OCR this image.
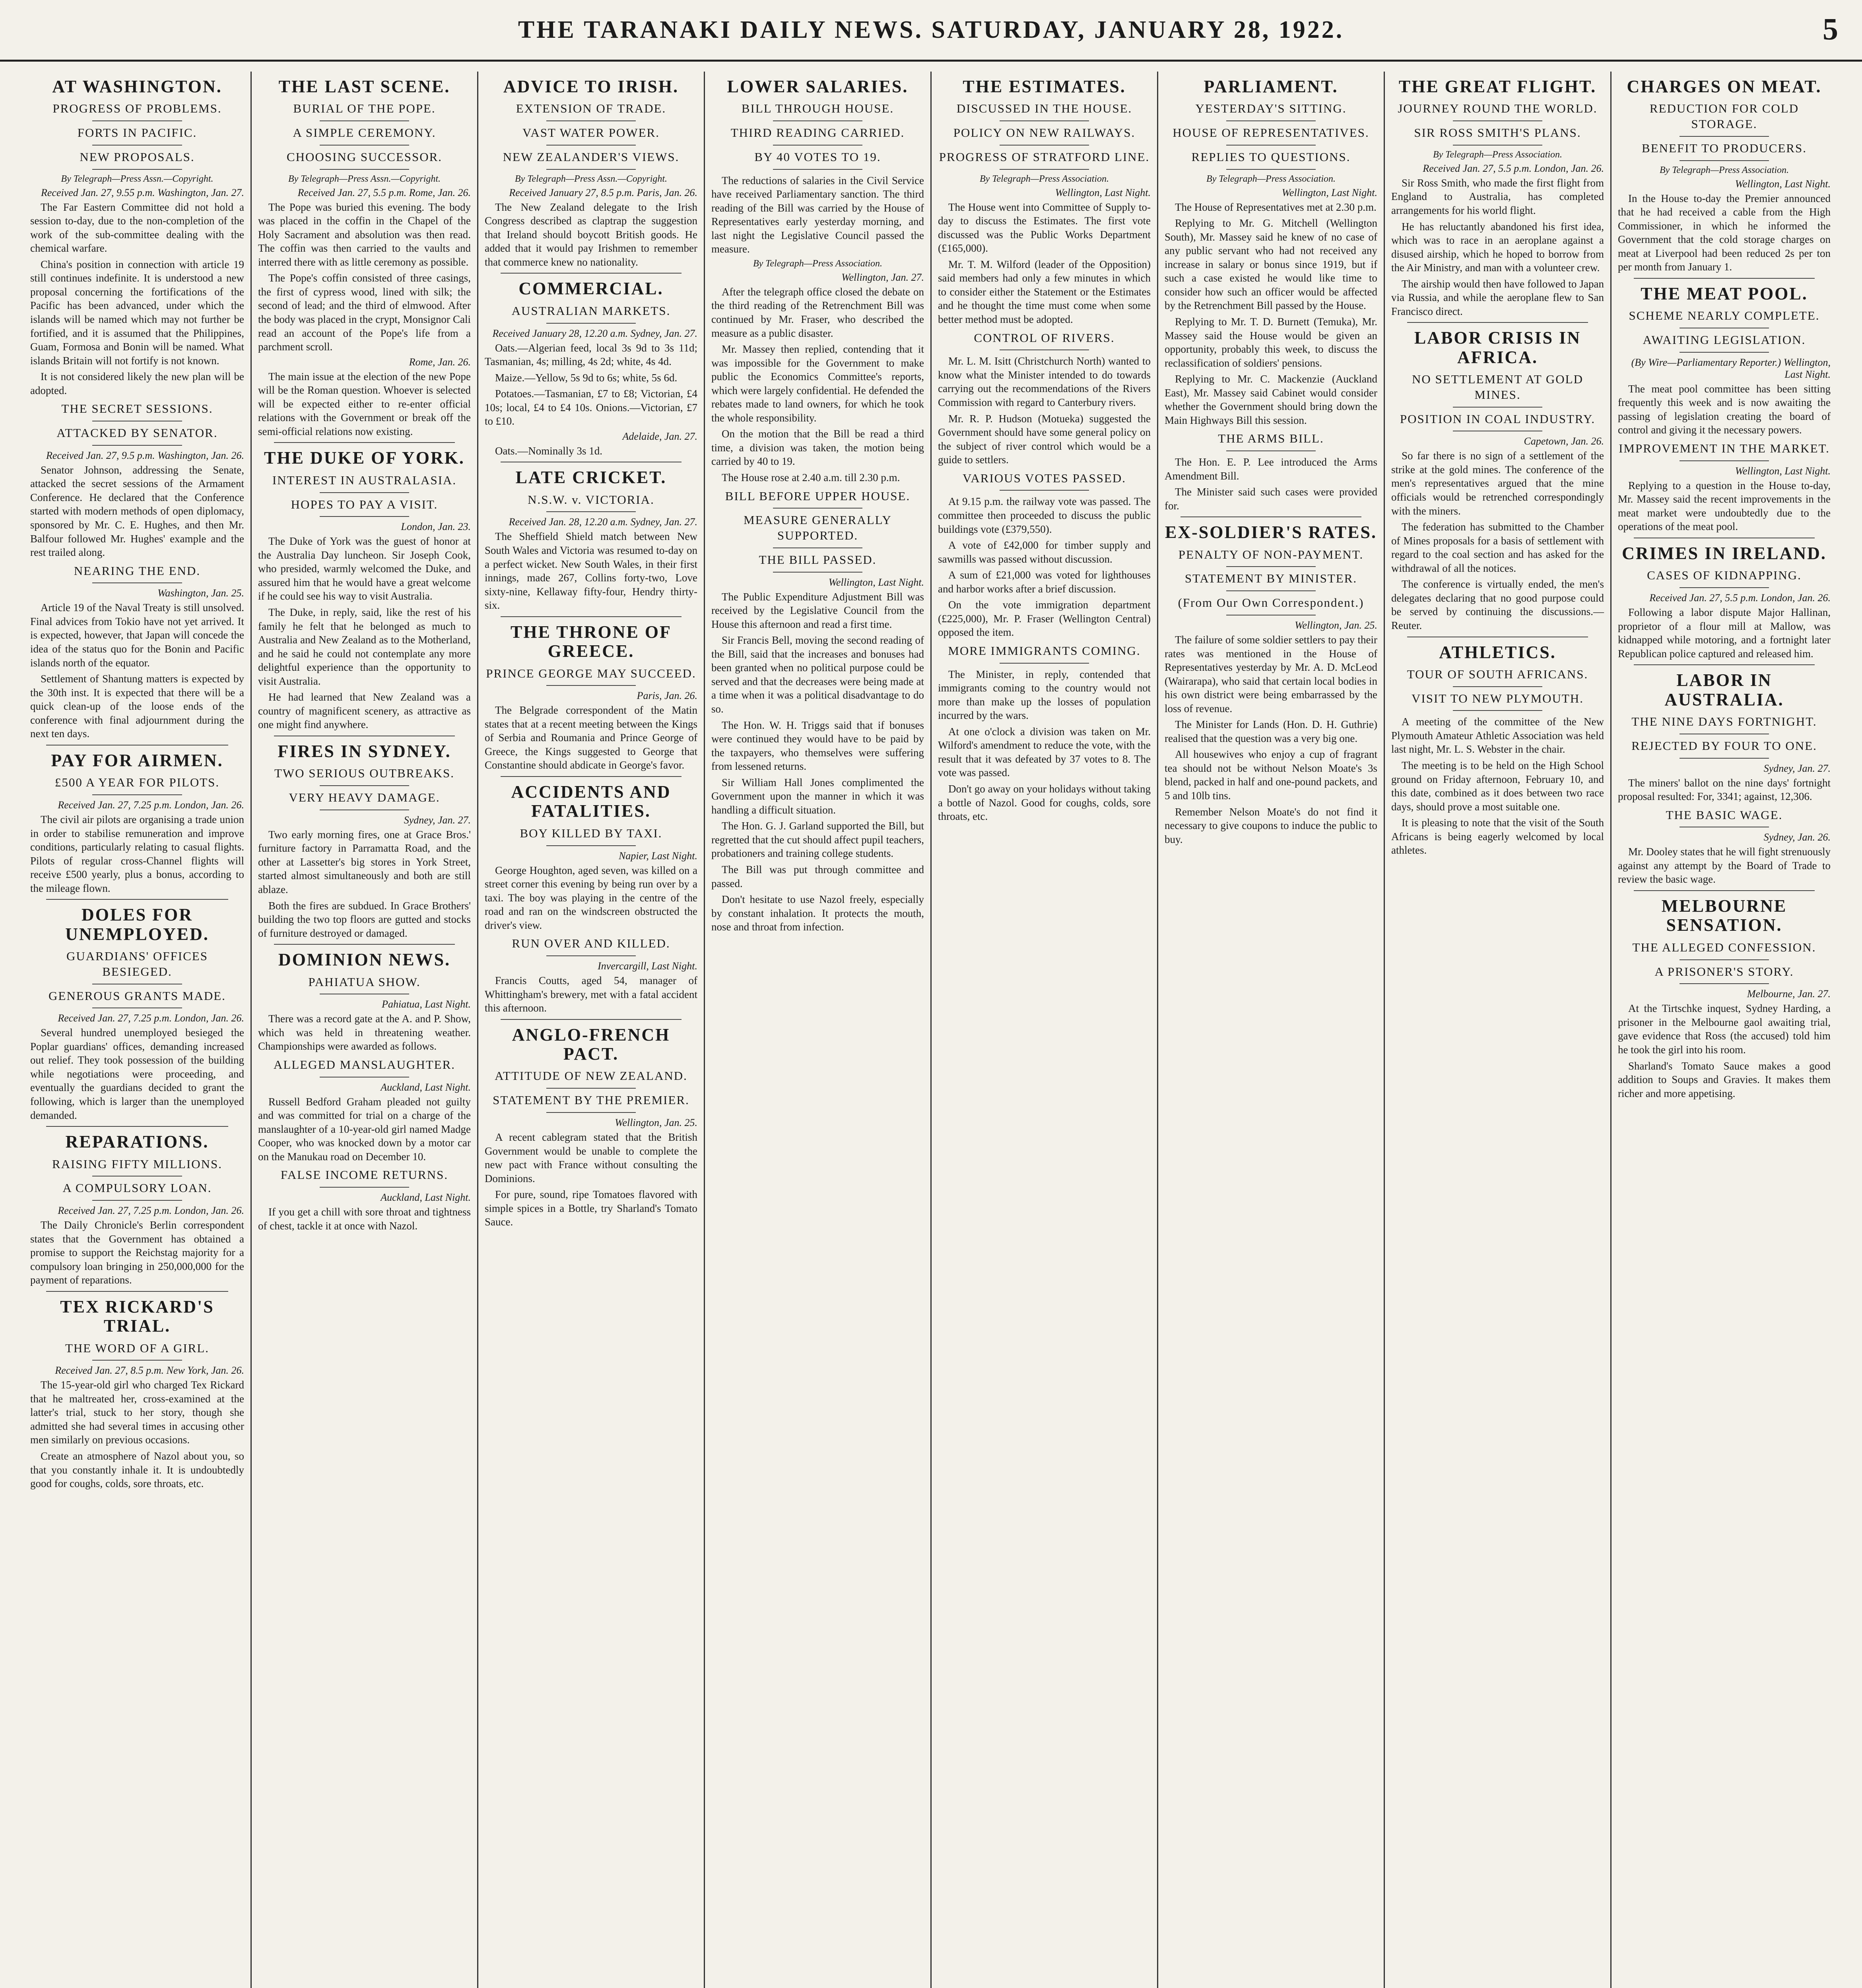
THE TARANAKI DAILY NEWS. SATURDAY, JANUARY 28, 1922.	5
AT WASHINGTON.
PROGRESS OF PROBLEMS.
FORTS IN PACIFIC.
NEW PROPOSALS.
By Telegraph—Press Assn.—Copyright.
Received Jan. 27, 9.55 p.m. Washington, Jan. 27.
The Far Eastern Committee did not hold a session to-day, due to the non-completion of the work of the sub-committee dealing with the chemical warfare.
China's position in connection with article 19 still continues indefinite. It is understood a new proposal concerning the fortifications of the Pacific has been advanced, under which the islands will be named which may not further be fortified, and it is assumed that the Philippines, Guam, Formosa and Bonin will be named. What islands Britain will not fortify is not known.
It is not considered likely the new plan will be adopted.
THE SECRET SESSIONS.
ATTACKED BY SENATOR.
Received Jan. 27, 9.5 p.m. Washington, Jan. 26.
Senator Johnson, addressing the Senate, attacked the secret sessions of the Armament Conference. He declared that the Conference started with modern methods of open diplomacy, sponsored by Mr. C. E. Hughes, and then Mr. Balfour followed Mr. Hughes' example and the rest trailed along.
NEARING THE END.
Washington, Jan. 25.
Article 19 of the Naval Treaty is still unsolved. Final advices from Tokio have not yet arrived. It is expected, however, that Japan will concede the idea of the status quo for the Bonin and Pacific islands north of the equator.
Settlement of Shantung matters is expected by the 30th inst. It is expected that there will be a quick clean-up of the loose ends of the conference with final adjournment during the next ten days.
PAY FOR AIRMEN.
£500 A YEAR FOR PILOTS.
Received Jan. 27, 7.25 p.m. London, Jan. 26.
The civil air pilots are organising a trade union in order to stabilise remuneration and improve conditions, particularly relating to casual flights. Pilots of regular cross-Channel flights will receive £500 yearly, plus a bonus, according to the mileage flown.
DOLES FOR UNEMPLOYED.
GUARDIANS' OFFICES BESIEGED.
GENEROUS GRANTS MADE.
Received Jan. 27, 7.25 p.m. London, Jan. 26.
Several hundred unemployed besieged the Poplar guardians' offices, demanding increased out relief. They took possession of the building while negotiations were proceeding, and eventually the guardians decided to grant the following, which is larger than the unemployed demanded.
REPARATIONS.
RAISING FIFTY MILLIONS.
A COMPULSORY LOAN.
Received Jan. 27, 7.25 p.m. London, Jan. 26.
The Daily Chronicle's Berlin correspondent states that the Government has obtained a promise to support the Reichstag majority for a compulsory loan bringing in 250,000,000 for the payment of reparations.
TEX RICKARD'S TRIAL.
THE WORD OF A GIRL.
Received Jan. 27, 8.5 p.m. New York, Jan. 26.
The 15-year-old girl who charged Tex Rickard that he maltreated her, cross-examined at the latter's trial, stuck to her story, though she admitted she had several times in accusing other men similarly on previous occasions.
Create an atmosphere of Nazol about you, so that you constantly inhale it. It is undoubtedly good for coughs, colds, sore throats, etc.
THE LAST SCENE.
BURIAL OF THE POPE.
A SIMPLE CEREMONY.
CHOOSING SUCCESSOR.
By Telegraph—Press Assn.—Copyright.
Received Jan. 27, 5.5 p.m. Rome, Jan. 26.
The Pope was buried this evening. The body was placed in the coffin in the Chapel of the Holy Sacrament and absolution was then read. The coffin was then carried to the vaults and interred there with as little ceremony as possible.
The Pope's coffin consisted of three casings, the first of cypress wood, lined with silk; the second of lead; and the third of elmwood. After the body was placed in the crypt, Monsignor Cali read an account of the Pope's life from a parchment scroll.
Rome, Jan. 26.
The main issue at the election of the new Pope will be the Roman question. Whoever is selected will be expected either to re-enter official relations with the Government or break off the semi-official relations now existing.
THE DUKE OF YORK.
INTEREST IN AUSTRALASIA.
HOPES TO PAY A VISIT.
London, Jan. 23.
The Duke of York was the guest of honor at the Australia Day luncheon. Sir Joseph Cook, who presided, warmly welcomed the Duke, and assured him that he would have a great welcome if he could see his way to visit Australia.
The Duke, in reply, said, like the rest of his family he felt that he belonged as much to Australia and New Zealand as to the Motherland, and he said he could not contemplate any more delightful experience than the opportunity to visit Australia.
He had learned that New Zealand was a country of magnificent scenery, as attractive as one might find anywhere.
FIRES IN SYDNEY.
TWO SERIOUS OUTBREAKS.
VERY HEAVY DAMAGE.
Sydney, Jan. 27.
Two early morning fires, one at Grace Bros.' furniture factory in Parramatta Road, and the other at Lassetter's big stores in York Street, started almost simultaneously and both are still ablaze.
Both the fires are subdued. In Grace Brothers' building the two top floors are gutted and stocks of furniture destroyed or damaged.
DOMINION NEWS.
PAHIATUA SHOW.
Pahiatua, Last Night.
There was a record gate at the A. and P. Show, which was held in threatening weather. Championships were awarded as follows.
ALLEGED MANSLAUGHTER.
Auckland, Last Night.
Russell Bedford Graham pleaded not guilty and was committed for trial on a charge of the manslaughter of a 10-year-old girl named Madge Cooper, who was knocked down by a motor car on the Manukau road on December 10.
FALSE INCOME RETURNS.
Auckland, Last Night.
If you get a chill with sore throat and tightness of chest, tackle it at once with Nazol.
ADVICE TO IRISH.
EXTENSION OF TRADE.
VAST WATER POWER.
NEW ZEALANDER'S VIEWS.
By Telegraph—Press Assn.—Copyright.
Received January 27, 8.5 p.m. Paris, Jan. 26.
The New Zealand delegate to the Irish Congress described as claptrap the suggestion that Ireland should boycott British goods. He added that it would pay Irishmen to remember that commerce knew no nationality.
COMMERCIAL.
AUSTRALIAN MARKETS.
Received January 28, 12.20 a.m. Sydney, Jan. 27.
Oats.—Algerian feed, local 3s 9d to 3s 11d; Tasmanian, 4s; milling, 4s 2d; white, 4s 4d.
Maize.—Yellow, 5s 9d to 6s; white, 5s 6d.
Potatoes.—Tasmanian, £7 to £8; Victorian, £4 10s; local, £4 to £4 10s. Onions.—Victorian, £7 to £10.
Adelaide, Jan. 27.
Oats.—Nominally 3s 1d.
LATE CRICKET.
N.S.W. v. VICTORIA.
Received Jan. 28, 12.20 a.m. Sydney, Jan. 27.
The Sheffield Shield match between New South Wales and Victoria was resumed to-day on a perfect wicket. New South Wales, in their first innings, made 267, Collins forty-two, Love sixty-nine, Kellaway fifty-four, Hendry thirty-six.
THE THRONE OF GREECE.
PRINCE GEORGE MAY SUCCEED.
Paris, Jan. 26.
The Belgrade correspondent of the Matin states that at a recent meeting between the Kings of Serbia and Roumania and Prince George of Greece, the Kings suggested to George that Constantine should abdicate in George's favor.
ACCIDENTS AND FATALITIES.
BOY KILLED BY TAXI.
Napier, Last Night.
George Houghton, aged seven, was killed on a street corner this evening by being run over by a taxi. The boy was playing in the centre of the road and ran on the windscreen obstructed the driver's view.
RUN OVER AND KILLED.
Invercargill, Last Night.
Francis Coutts, aged 54, manager of Whittingham's brewery, met with a fatal accident this afternoon.
ANGLO-FRENCH PACT.
ATTITUDE OF NEW ZEALAND.
STATEMENT BY THE PREMIER.
Wellington, Jan. 25.
A recent cablegram stated that the British Government would be unable to complete the new pact with France without consulting the Dominions.
For pure, sound, ripe Tomatoes flavored with simple spices in a Bottle, try Sharland's Tomato Sauce.
LOWER SALARIES.
BILL THROUGH HOUSE.
THIRD READING CARRIED.
BY 40 VOTES TO 19.
The reductions of salaries in the Civil Service have received Parliamentary sanction. The third reading of the Bill was carried by the House of Representatives early yesterday morning, and last night the Legislative Council passed the measure.
By Telegraph—Press Association.
Wellington, Jan. 27.
After the telegraph office closed the debate on the third reading of the Retrenchment Bill was continued by Mr. Fraser, who described the measure as a public disaster.
Mr. Massey then replied, contending that it was impossible for the Government to make public the Economics Committee's reports, which were largely confidential. He defended the rebates made to land owners, for which he took the whole responsibility.
On the motion that the Bill be read a third time, a division was taken, the motion being carried by 40 to 19.
The House rose at 2.40 a.m. till 2.30 p.m.
BILL BEFORE UPPER HOUSE.
MEASURE GENERALLY SUPPORTED.
THE BILL PASSED.
Wellington, Last Night.
The Public Expenditure Adjustment Bill was received by the Legislative Council from the House this afternoon and read a first time.
Sir Francis Bell, moving the second reading of the Bill, said that the increases and bonuses had been granted when no political purpose could be served and that the decreases were being made at a time when it was a political disadvantage to do so.
The Hon. W. H. Triggs said that if bonuses were continued they would have to be paid by the taxpayers, who themselves were suffering from lessened returns.
Sir William Hall Jones complimented the Government upon the manner in which it was handling a difficult situation.
The Hon. G. J. Garland supported the Bill, but regretted that the cut should affect pupil teachers, probationers and training college students.
The Bill was put through committee and passed.
Don't hesitate to use Nazol freely, especially by constant inhalation. It protects the mouth, nose and throat from infection.
THE ESTIMATES.
DISCUSSED IN THE HOUSE.
POLICY ON NEW RAILWAYS.
PROGRESS OF STRATFORD LINE.
By Telegraph—Press Association.
Wellington, Last Night.
The House went into Committee of Supply to-day to discuss the Estimates. The first vote discussed was the Public Works Department (£165,000).
Mr. T. M. Wilford (leader of the Opposition) said members had only a few minutes in which to consider either the Statement or the Estimates and he thought the time must come when some better method must be adopted.
CONTROL OF RIVERS.
Mr. L. M. Isitt (Christchurch North) wanted to know what the Minister intended to do towards carrying out the recommendations of the Rivers Commission with regard to Canterbury rivers.
Mr. R. P. Hudson (Motueka) suggested the Government should have some general policy on the subject of river control which would be a guide to settlers.
VARIOUS VOTES PASSED.
At 9.15 p.m. the railway vote was passed. The committee then proceeded to discuss the public buildings vote (£379,550).
A vote of £42,000 for timber supply and sawmills was passed without discussion.
A sum of £21,000 was voted for lighthouses and harbor works after a brief discussion.
On the vote immigration department (£225,000), Mr. P. Fraser (Wellington Central) opposed the item.
MORE IMMIGRANTS COMING.
The Minister, in reply, contended that immigrants coming to the country would not more than make up the losses of population incurred by the wars.
At one o'clock a division was taken on Mr. Wilford's amendment to reduce the vote, with the result that it was defeated by 37 votes to 8. The vote was passed.
Don't go away on your holidays without taking a bottle of Nazol. Good for coughs, colds, sore throats, etc.
PARLIAMENT.
YESTERDAY'S SITTING.
HOUSE OF REPRESENTATIVES.
REPLIES TO QUESTIONS.
By Telegraph—Press Association.
Wellington, Last Night.
The House of Representatives met at 2.30 p.m.
Replying to Mr. G. Mitchell (Wellington South), Mr. Massey said he knew of no case of any public servant who had not received any increase in salary or bonus since 1919, but if such a case existed he would like time to consider how such an officer would be affected by the Retrenchment Bill passed by the House.
Replying to Mr. T. D. Burnett (Temuka), Mr. Massey said the House would be given an opportunity, probably this week, to discuss the reclassification of soldiers' pensions.
Replying to Mr. C. Mackenzie (Auckland East), Mr. Massey said Cabinet would consider whether the Government should bring down the Main Highways Bill this session.
THE ARMS BILL.
The Hon. E. P. Lee introduced the Arms Amendment Bill.
The Minister said such cases were provided for.
EX-SOLDIER'S RATES.
PENALTY OF NON-PAYMENT.
STATEMENT BY MINISTER.
(From Our Own Correspondent.)
Wellington, Jan. 25.
The failure of some soldier settlers to pay their rates was mentioned in the House of Representatives yesterday by Mr. A. D. McLeod (Wairarapa), who said that certain local bodies in his own district were being embarrassed by the loss of revenue.
The Minister for Lands (Hon. D. H. Guthrie) realised that the question was a very big one.
All housewives who enjoy a cup of fragrant tea should not be without Nelson Moate's 3s blend, packed in half and one-pound packets, and 5 and 10lb tins.
Remember Nelson Moate's do not find it necessary to give coupons to induce the public to buy.
THE GREAT FLIGHT.
JOURNEY ROUND THE WORLD.
SIR ROSS SMITH'S PLANS.
By Telegraph—Press Association.
Received Jan. 27, 5.5 p.m. London, Jan. 26.
Sir Ross Smith, who made the first flight from England to Australia, has completed arrangements for his world flight.
He has reluctantly abandoned his first idea, which was to race in an aeroplane against a disused airship, which he hoped to borrow from the Air Ministry, and man with a volunteer crew.
The airship would then have followed to Japan via Russia, and while the aeroplane flew to San Francisco direct.
LABOR CRISIS IN AFRICA.
NO SETTLEMENT AT GOLD MINES.
POSITION IN COAL INDUSTRY.
Capetown, Jan. 26.
So far there is no sign of a settlement of the strike at the gold mines. The conference of the men's representatives argued that the mine officials would be retrenched correspondingly with the miners.
The federation has submitted to the Chamber of Mines proposals for a basis of settlement with regard to the coal section and has asked for the withdrawal of all the notices.
The conference is virtually ended, the men's delegates declaring that no good purpose could be served by continuing the discussions.—Reuter.
ATHLETICS.
TOUR OF SOUTH AFRICANS.
VISIT TO NEW PLYMOUTH.
A meeting of the committee of the New Plymouth Amateur Athletic Association was held last night, Mr. L. S. Webster in the chair.
The meeting is to be held on the High School ground on Friday afternoon, February 10, and this date, combined as it does between two race days, should prove a most suitable one.
It is pleasing to note that the visit of the South Africans is being eagerly welcomed by local athletes.
CHARGES ON MEAT.
REDUCTION FOR COLD STORAGE.
BENEFIT TO PRODUCERS.
By Telegraph—Press Association.
Wellington, Last Night.
In the House to-day the Premier announced that he had received a cable from the High Commissioner, in which he informed the Government that the cold storage charges on meat at Liverpool had been reduced 2s per ton per month from January 1.
THE MEAT POOL.
SCHEME NEARLY COMPLETE.
AWAITING LEGISLATION.
(By Wire—Parliamentary Reporter.) Wellington, Last Night.
The meat pool committee has been sitting frequently this week and is now awaiting the passing of legislation creating the board of control and giving it the necessary powers.
IMPROVEMENT IN THE MARKET.
Wellington, Last Night.
Replying to a question in the House to-day, Mr. Massey said the recent improvements in the meat market were undoubtedly due to the operations of the meat pool.
CRIMES IN IRELAND.
CASES OF KIDNAPPING.
Received Jan. 27, 5.5 p.m. London, Jan. 26.
Following a labor dispute Major Hallinan, proprietor of a flour mill at Mallow, was kidnapped while motoring, and a fortnight later Republican police captured and released him.
LABOR IN AUSTRALIA.
THE NINE DAYS FORTNIGHT.
REJECTED BY FOUR TO ONE.
Sydney, Jan. 27.
The miners' ballot on the nine days' fortnight proposal resulted: For, 3341; against, 12,306.
THE BASIC WAGE.
Sydney, Jan. 26.
Mr. Dooley states that he will fight strenuously against any attempt by the Board of Trade to review the basic wage.
MELBOURNE SENSATION.
THE ALLEGED CONFESSION.
A PRISONER'S STORY.
Melbourne, Jan. 27.
At the Tirtschke inquest, Sydney Harding, a prisoner in the Melbourne gaol awaiting trial, gave evidence that Ross (the accused) told him he took the girl into his room.
Sharland's Tomato Sauce makes a good addition to Soups and Gravies. It makes them richer and more appetising.
